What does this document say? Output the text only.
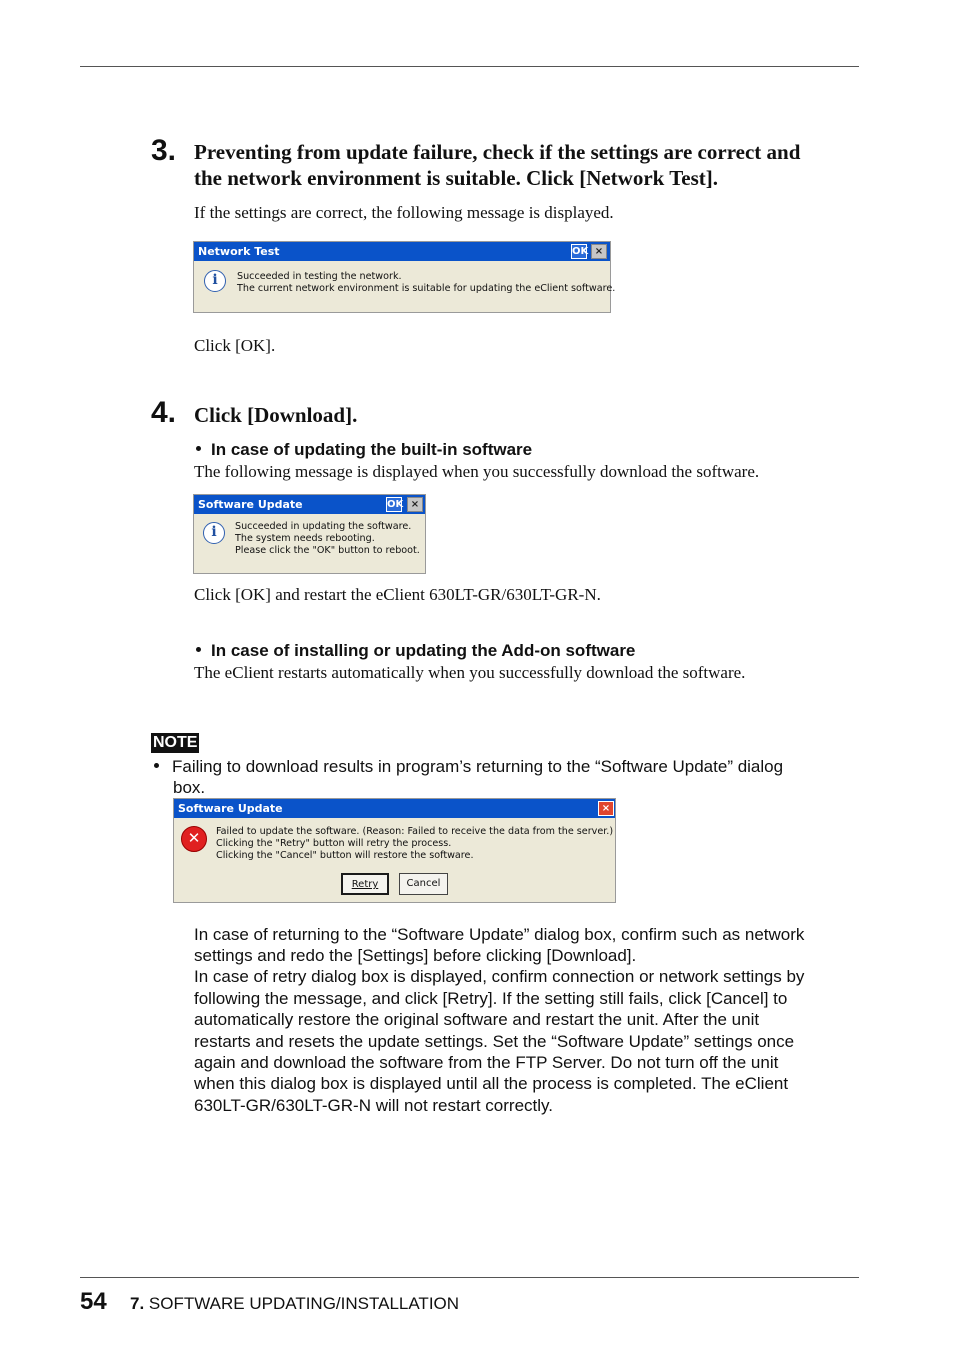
3. Preventing from update failure, check if the settings are correct and
the network environment is suitable. Click [Network Test].
If the settings are correct, the following message is displayed.
Network Test	OK ×
i	Succeeded in testing the network.
The current network environment is suitable for updating the eClient software.
Click [OK].
4. Click [Download].
In case of updating the built-in software
The following message is displayed when you successfully download the software.
Software Update	OK ×
i	Succeeded in updating the software.
The system needs rebooting.
Please click the "OK" button to reboot.
Click [OK] and restart the eClient 630LT-GR/630LT-GR-N.
In case of installing or updating the Add-on software
The eClient restarts automatically when you successfully download the software.
NOTE
Failing to download results in program’s returning to the “Software Update” dialog
box.
Software Update	×
✕	Failed to update the software. (Reason: Failed to receive the data from the server.)
Clicking the "Retry" button will retry the process.
Clicking the "Cancel" button will restore the software.
Retry	Cancel
In case of returning to the “Software Update” dialog box, confirm such as network
settings and redo the [Settings] before clicking [Download].
In case of retry dialog box is displayed, confirm connection or network settings by
following the message, and click [Retry]. If the setting still fails, click [Cancel] to
automatically restore the original software and restart the unit. After the unit
restarts and resets the update settings. Set the “Software Update” settings once
again and download the software from the FTP Server. Do not turn off the unit
when this dialog box is displayed until all the process is completed. The eClient
630LT-GR/630LT-GR-N will not restart correctly.
54 7. SOFTWARE UPDATING/INSTALLATION
